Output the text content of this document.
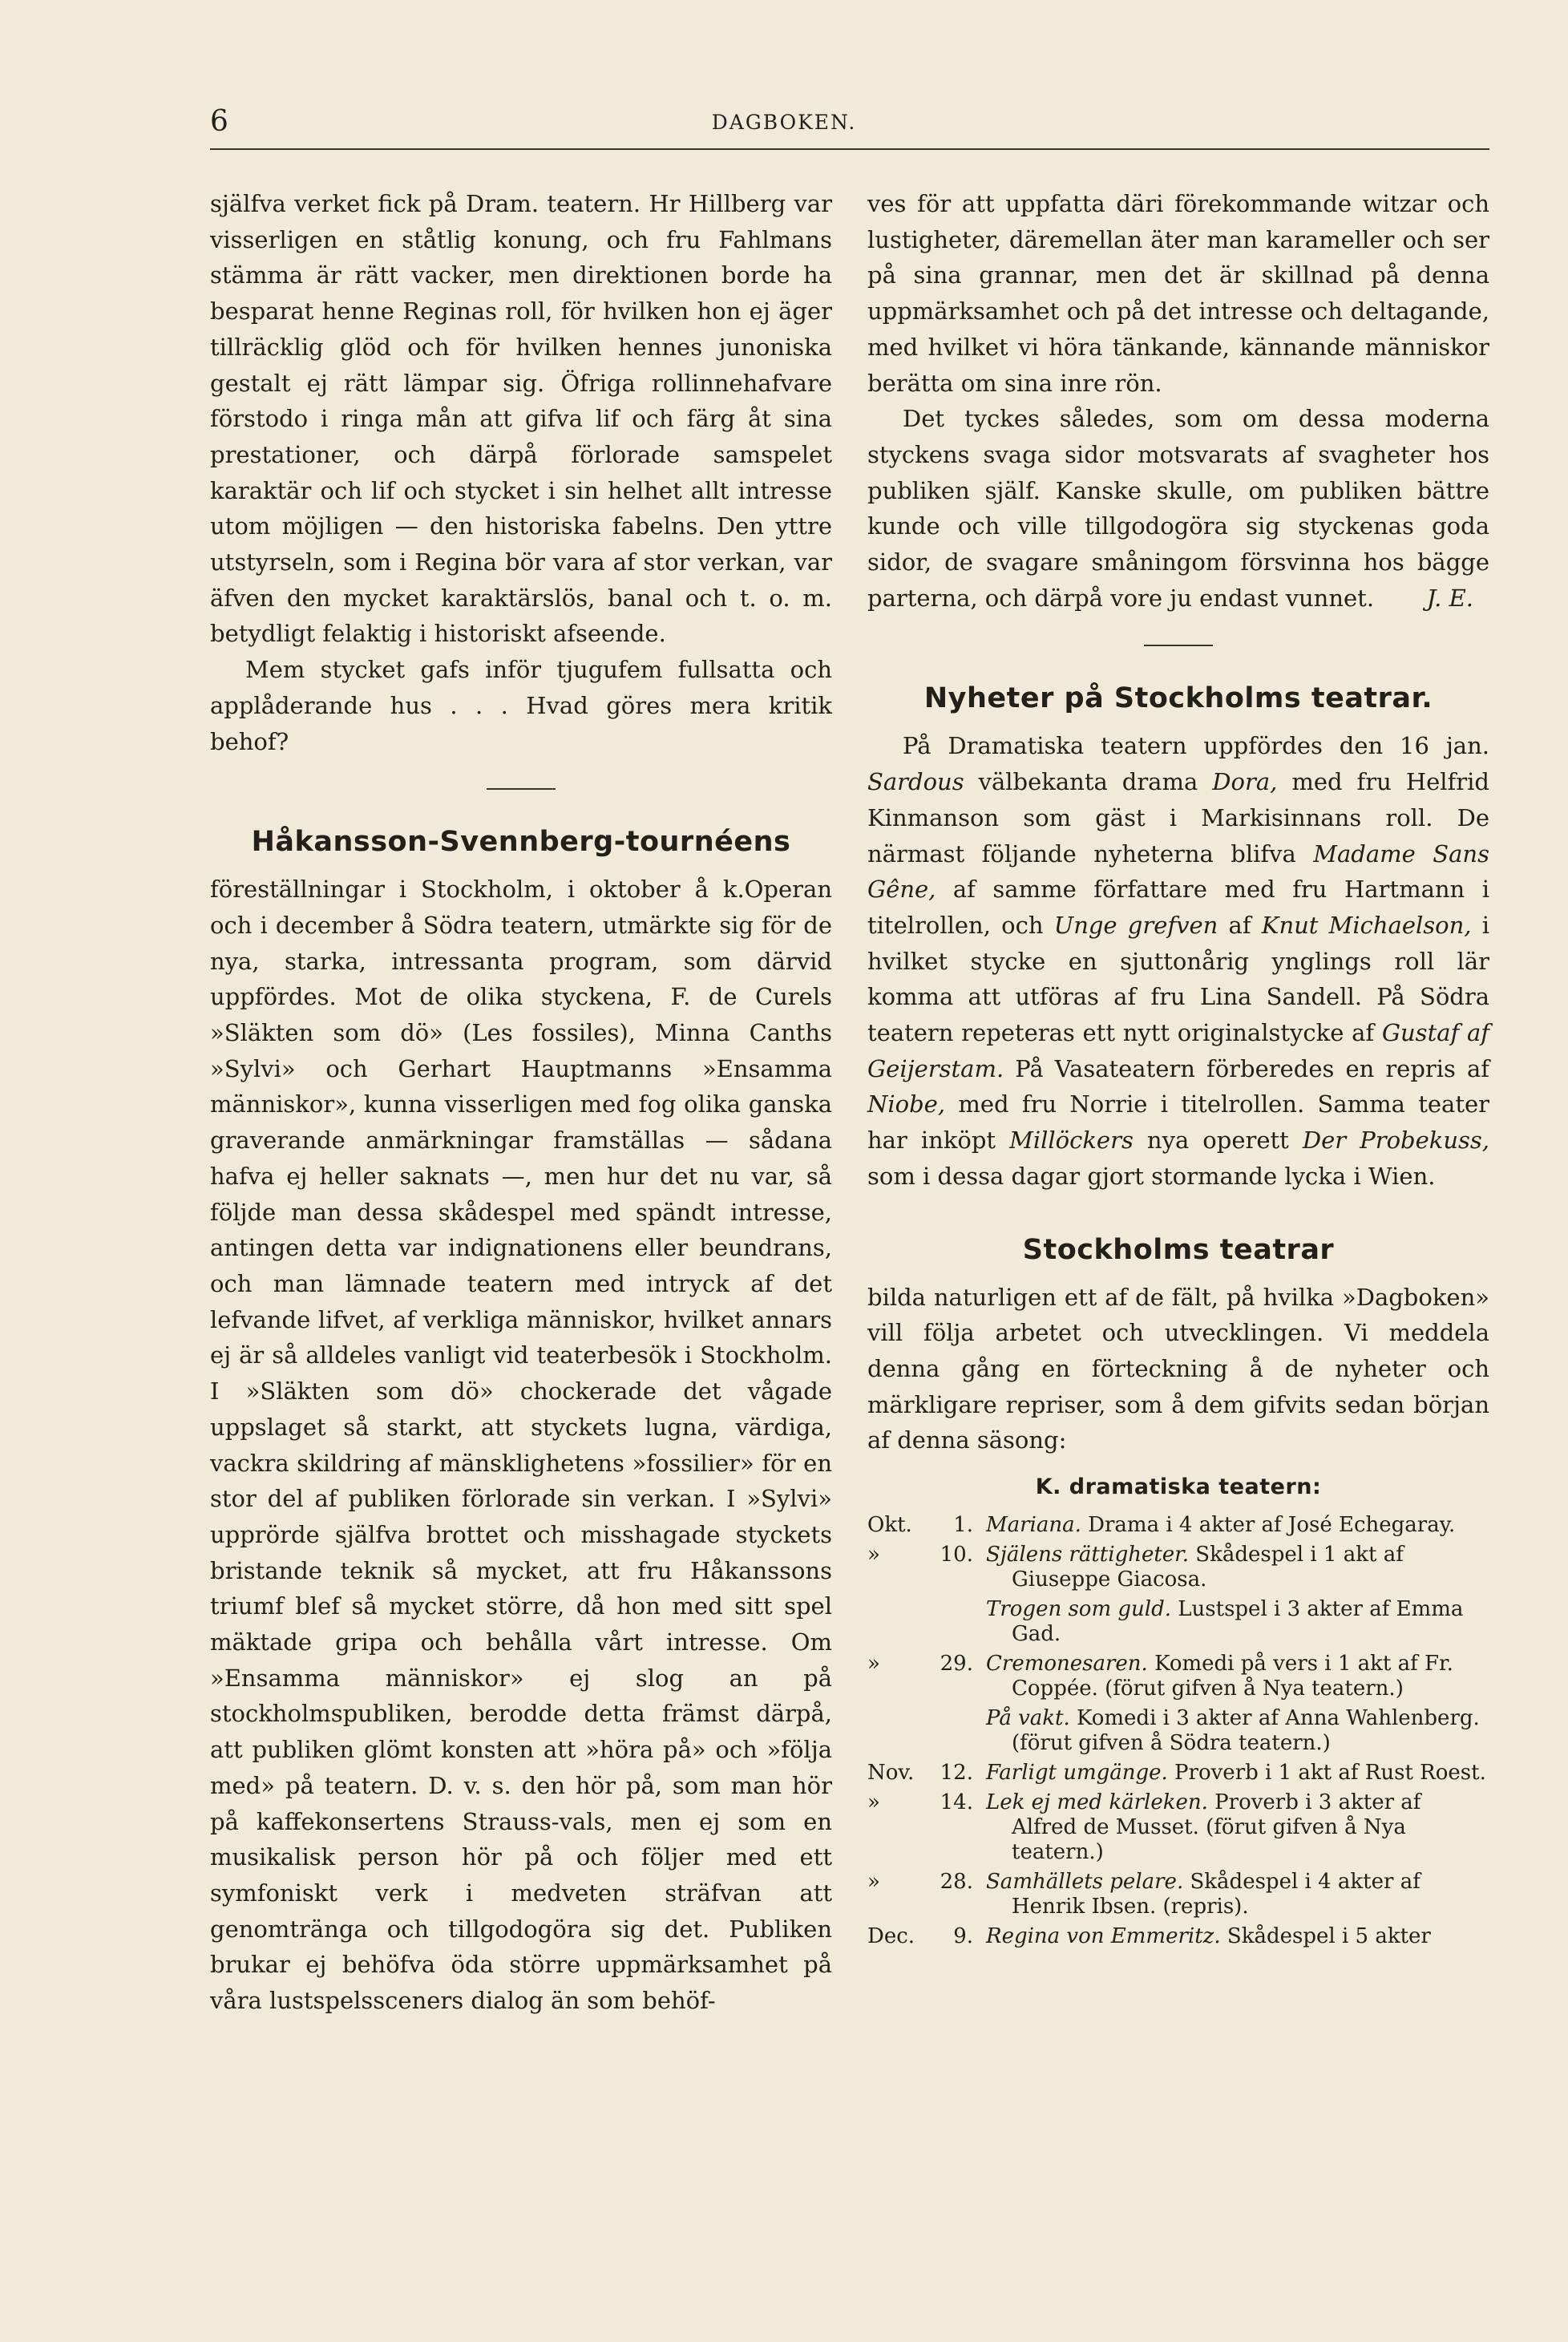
6	DAGBOKEN.

själfva verket fick på Dram. teatern. Hr Hillberg var visserligen en ståtlig konung, och fru Fahlmans stämma är rätt vacker, men direktionen borde ha besparat henne Reginas roll, för hvilken hon ej äger tillräcklig glöd och för hvilken hennes junoniska gestalt ej rätt lämpar sig. Öfriga rollinnehafvare förstodo i ringa mån att gifva lif och färg åt sina prestationer, och därpå förlorade samspelet karaktär och lif och stycket i sin helhet allt intresse utom möjligen — den historiska fabelns. Den yttre utstyrseln, som i Regina bör vara af stor verkan, var äfven den mycket karaktärslös, banal och t. o. m. betydligt felaktig i historiskt afseende.

Mem stycket gafs inför tjugufem fullsatta och applåderande hus . . . Hvad göres mera kritik behof?

Håkansson-Svennberg-tournéens

föreställningar i Stockholm, i oktober å k.Operan och i december å Södra teatern, utmärkte sig för de nya, starka, intressanta program, som därvid uppfördes. Mot de olika styckena, F. de Curels »Släkten som dö» (Les fossiles), Minna Canths »Sylvi» och Gerhart Hauptmanns »Ensamma människor», kunna visserligen med fog olika ganska graverande anmärkningar framställas — sådana hafva ej heller saknats —, men hur det nu var, så följde man dessa skådespel med spändt intresse, antingen detta var indignationens eller beundrans, och man lämnade teatern med intryck af det lefvande lifvet, af verkliga människor, hvilket annars ej är så alldeles vanligt vid teaterbesök i Stockholm. I »Släkten som dö» chockerade det vågade uppslaget så starkt, att styckets lugna, värdiga, vackra skildring af mänsklighetens »fossilier» för en stor del af publiken förlorade sin verkan. I »Sylvi» upprörde själfva brottet och misshagade styckets bristande teknik så mycket, att fru Håkanssons triumf blef så mycket större, då hon med sitt spel mäktade gripa och behålla vårt intresse. Om »Ensamma människor» ej slog an på stockholmspubliken, berodde detta främst därpå, att publiken glömt konsten att »höra på» och »följa med» på teatern. D. v. s. den hör på, som man hör på kaffekonsertens Strauss-vals, men ej som en musikalisk person hör på och följer med ett symfoniskt verk i medveten sträfvan att genomtränga och tillgodogöra sig det. Publiken brukar ej behöfva öda större uppmärksamhet på våra lustspelssceners dialog än som behöf-

ves för att uppfatta däri förekommande witzar och lustigheter, däremellan äter man karameller och ser på sina grannar, men det är skillnad på denna uppmärksamhet och på det intresse och deltagande, med hvilket vi höra tänkande, kännande människor berätta om sina inre rön.

Det tyckes således, som om dessa moderna styckens svaga sidor motsvarats af svagheter hos publiken själf. Kanske skulle, om publiken bättre kunde och ville tillgodogöra sig styckenas goda sidor, de svagare småningom försvinna hos bägge parterna, och därpå vore ju endast vunnet.	J. E.

Nyheter på Stockholms teatrar.

På Dramatiska teatern uppfördes den 16 jan. Sardous välbekanta drama Dora, med fru Helfrid Kinmanson som gäst i Markisinnans roll. De närmast följande nyheterna blifva Madame Sans Gêne, af samme författare med fru Hartmann i titelrollen, och Unge grefven af Knut Michaelson, i hvilket stycke en sjuttonårig ynglings roll lär komma att utföras af fru Lina Sandell. På Södra teatern repeteras ett nytt originalstycke af Gustaf af Geijerstam. På Vasateatern förberedes en repris af Niobe, med fru Norrie i titelrollen. Samma teater har inköpt Millöckers nya operett Der Probekuss, som i dessa dagar gjort stormande lycka i Wien.

Stockholms teatrar

bilda naturligen ett af de fält, på hvilka »Dagboken» vill följa arbetet och utvecklingen. Vi meddela denna gång en förteckning å de nyheter och märkligare repriser, som å dem gifvits sedan början af denna säsong:

K. dramatiska teatern:
Okt.	1.	Mariana. Drama i 4 akter af José Echegaray.

»	10.	Själens rättigheter. Skådespel i 1 akt af Giuseppe Giacosa.

		Trogen som guld. Lustspel i 3 akter af Emma Gad.

»	29.	Cremonesaren. Komedi på vers i 1 akt af Fr. Coppée. (förut gifven å Nya teatern.)

		På vakt. Komedi i 3 akter af Anna Wahlenberg. (förut gifven å Södra teatern.)

Nov.	12.	Farligt umgänge. Proverb i 1 akt af Rust Roest.

»	14.	Lek ej med kärleken. Proverb i 3 akter af Alfred de Musset. (förut gifven å Nya teatern.)

»	28.	Samhällets pelare. Skådespel i 4 akter af Henrik Ibsen. (repris).

Dec.	9.	Regina von Emmeritz. Skådespel i 5 akter
